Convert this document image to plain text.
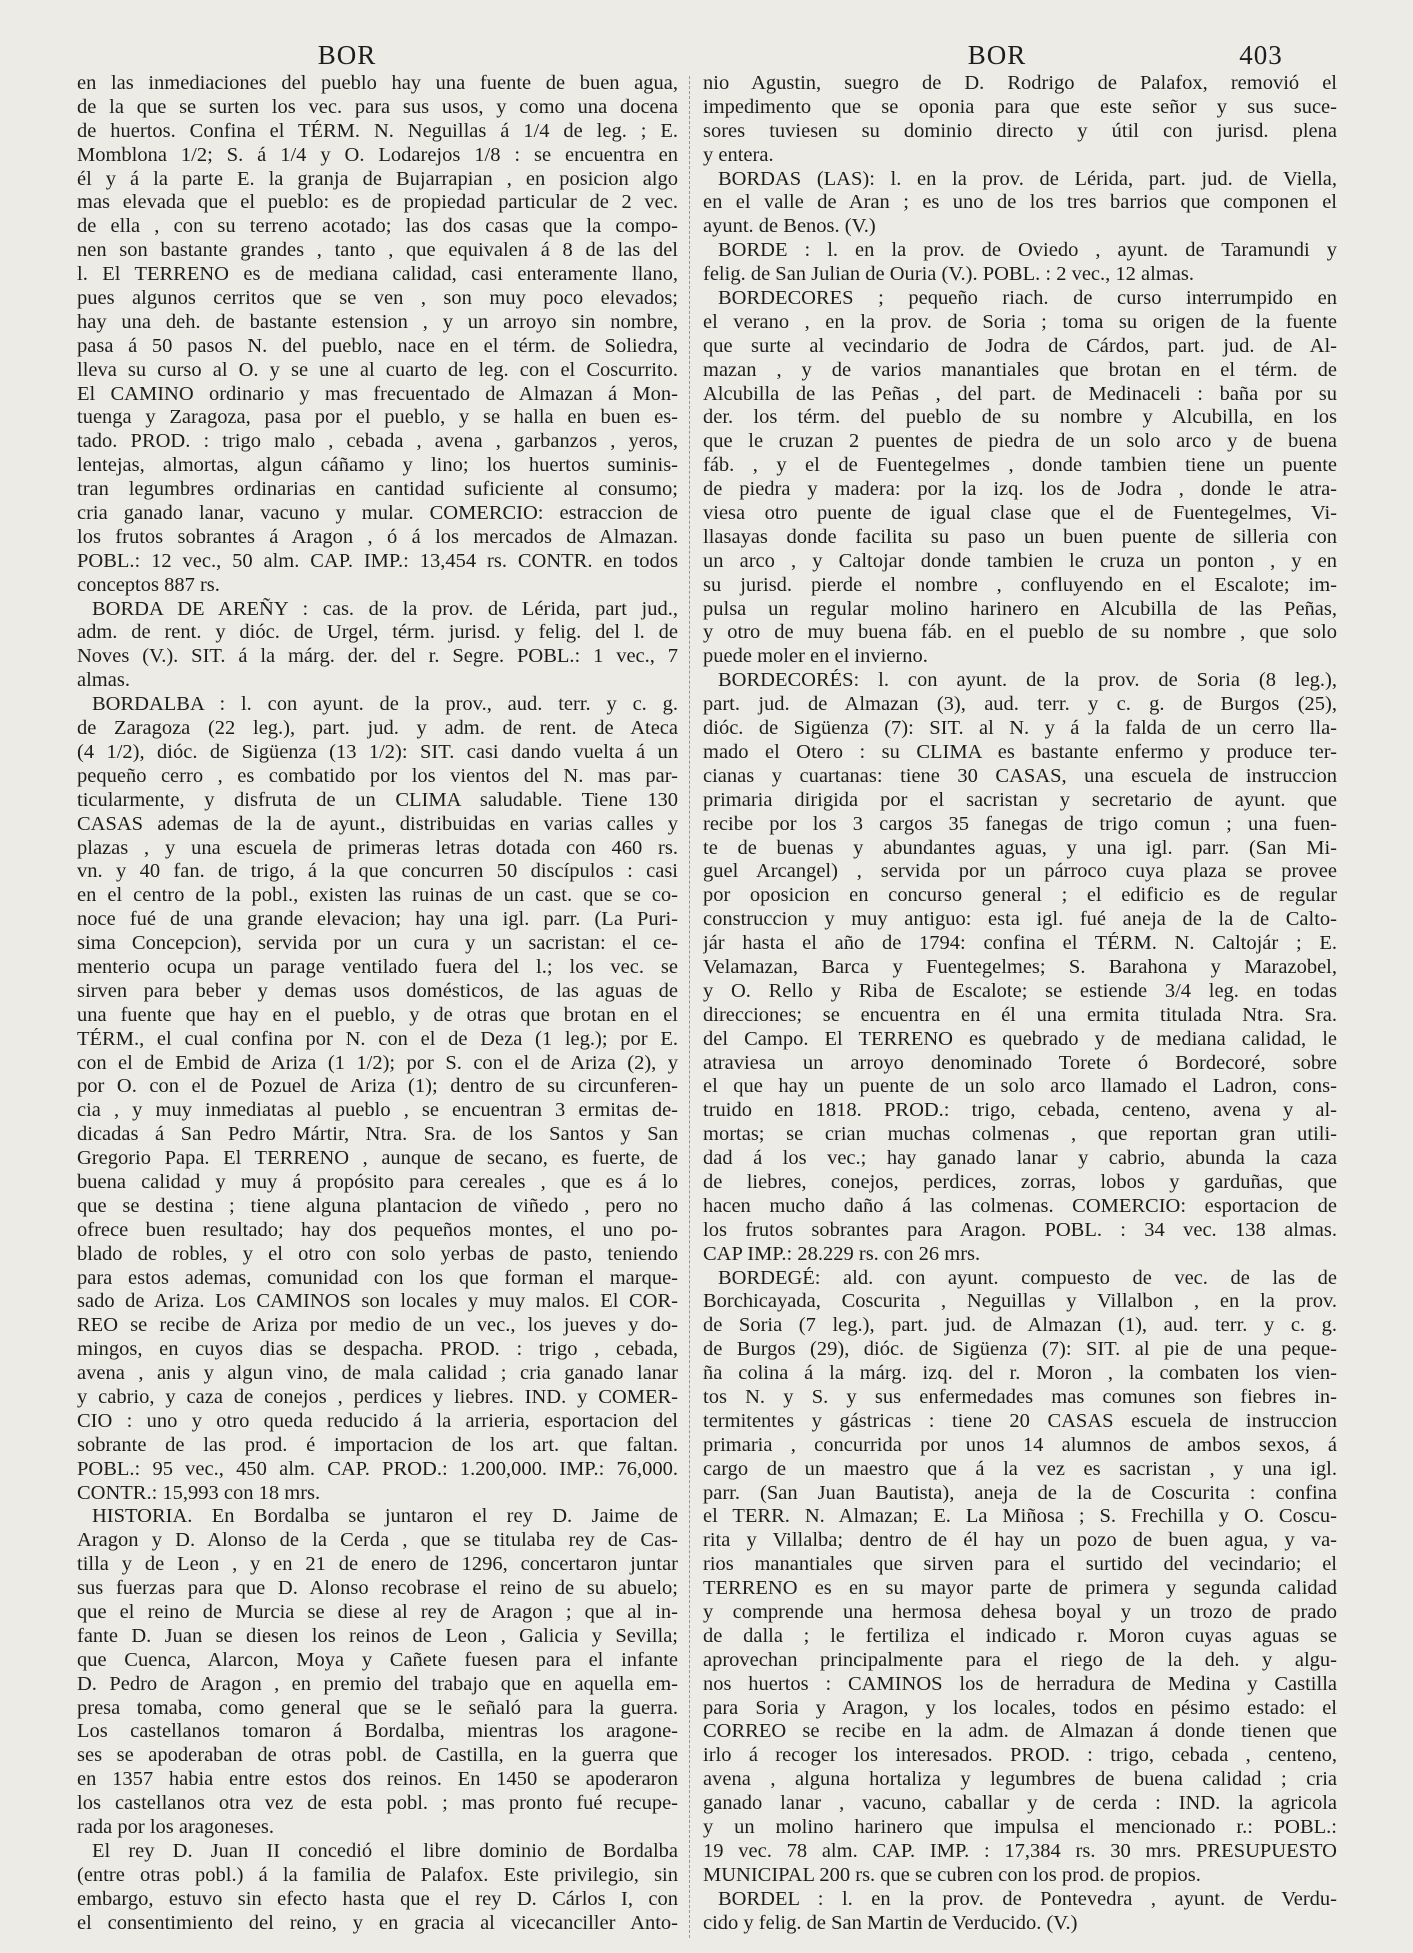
BOR	BOR	403
en las inmediaciones del pueblo hay una fuente de buen agua,
de la que se surten los vec. para sus usos, y como una docena
de huertos. Confina el TÉRM. N. Neguillas á 1/4 de leg. ; E.
Momblona 1/2; S. á 1/4 y O. Lodarejos 1/8 : se encuentra en
él y á la parte E. la granja de Bujarrapian , en posicion algo
mas elevada que el pueblo: es de propiedad particular de 2 vec.
de ella , con su terreno acotado; las dos casas que la compo-
nen son bastante grandes , tanto , que equivalen á 8 de las del
l. El TERRENO es de mediana calidad, casi enteramente llano,
pues algunos cerritos que se ven , son muy poco elevados;
hay una deh. de bastante estension , y un arroyo sin nombre,
pasa á 50 pasos N. del pueblo, nace en el térm. de Soliedra,
lleva su curso al O. y se une al cuarto de leg. con el Coscurrito.
El CAMINO ordinario y mas frecuentado de Almazan á Mon-
tuenga y Zaragoza, pasa por el pueblo, y se halla en buen es-
tado. PROD. : trigo malo , cebada , avena , garbanzos , yeros,
lentejas, almortas, algun cáñamo y lino; los huertos suminis-
tran legumbres ordinarias en cantidad suficiente al consumo;
cria ganado lanar, vacuno y mular. COMERCIO: estraccion de
los frutos sobrantes á Aragon , ó á los mercados de Almazan.
POBL.: 12 vec., 50 alm. CAP. IMP.: 13,454 rs. CONTR. en todos
conceptos 887 rs.
BORDA DE AREÑY : cas. de la prov. de Lérida, part jud.,
adm. de rent. y dióc. de Urgel, térm. jurisd. y felig. del l. de
Noves (V.). SIT. á la márg. der. del r. Segre. POBL.: 1 vec., 7
almas.
BORDALBA : l. con ayunt. de la prov., aud. terr. y c. g.
de Zaragoza (22 leg.), part. jud. y adm. de rent. de Ateca
(4 1/2), dióc. de Sigüenza (13 1/2): SIT. casi dando vuelta á un
pequeño cerro , es combatido por los vientos del N. mas par-
ticularmente, y disfruta de un CLIMA saludable. Tiene 130
CASAS ademas de la de ayunt., distribuidas en varias calles y
plazas , y una escuela de primeras letras dotada con 460 rs.
vn. y 40 fan. de trigo, á la que concurren 50 discípulos : casi
en el centro de la pobl., existen las ruinas de un cast. que se co-
noce fué de una grande elevacion; hay una igl. parr. (La Puri-
sima Concepcion), servida por un cura y un sacristan: el ce-
menterio ocupa un parage ventilado fuera del l.; los vec. se
sirven para beber y demas usos domésticos, de las aguas de
una fuente que hay en el pueblo, y de otras que brotan en el
TÉRM., el cual confina por N. con el de Deza (1 leg.); por E.
con el de Embid de Ariza (1 1/2); por S. con el de Ariza (2), y
por O. con el de Pozuel de Ariza (1); dentro de su circunferen-
cia , y muy inmediatas al pueblo , se encuentran 3 ermitas de-
dicadas á San Pedro Mártir, Ntra. Sra. de los Santos y San
Gregorio Papa. El TERRENO , aunque de secano, es fuerte, de
buena calidad y muy á propósito para cereales , que es á lo
que se destina ; tiene alguna plantacion de viñedo , pero no
ofrece buen resultado; hay dos pequeños montes, el uno po-
blado de robles, y el otro con solo yerbas de pasto, teniendo
para estos ademas, comunidad con los que forman el marque-
sado de Ariza. Los CAMINOS son locales y muy malos. El COR-
REO se recibe de Ariza por medio de un vec., los jueves y do-
mingos, en cuyos dias se despacha. PROD. : trigo , cebada,
avena , anis y algun vino, de mala calidad ; cria ganado lanar
y cabrio, y caza de conejos , perdices y liebres. IND. y COMER-
CIO : uno y otro queda reducido á la arrieria, esportacion del
sobrante de las prod. é importacion de los art. que faltan.
POBL.: 95 vec., 450 alm. CAP. PROD.: 1.200,000. IMP.: 76,000.
CONTR.: 15,993 con 18 mrs.
HISTORIA. En Bordalba se juntaron el rey D. Jaime de
Aragon y D. Alonso de la Cerda , que se titulaba rey de Cas-
tilla y de Leon , y en 21 de enero de 1296, concertaron juntar
sus fuerzas para que D. Alonso recobrase el reino de su abuelo;
que el reino de Murcia se diese al rey de Aragon ; que al in-
fante D. Juan se diesen los reinos de Leon , Galicia y Sevilla;
que Cuenca, Alarcon, Moya y Cañete fuesen para el infante
D. Pedro de Aragon , en premio del trabajo que en aquella em-
presa tomaba, como general que se le señaló para la guerra.
Los castellanos tomaron á Bordalba, mientras los aragone-
ses se apoderaban de otras pobl. de Castilla, en la guerra que
en 1357 habia entre estos dos reinos. En 1450 se apoderaron
los castellanos otra vez de esta pobl. ; mas pronto fué recupe-
rada por los aragoneses.
El rey D. Juan II concedió el libre dominio de Bordalba
(entre otras pobl.) á la familia de Palafox. Este privilegio, sin
embargo, estuvo sin efecto hasta que el rey D. Cárlos I, con
el consentimiento del reino, y en gracia al vicecanciller Anto-
nio Agustin, suegro de D. Rodrigo de Palafox, removió el
impedimento que se oponia para que este señor y sus suce-
sores tuviesen su dominio directo y útil con jurisd. plena
y entera.
BORDAS (LAS): l. en la prov. de Lérida, part. jud. de Viella,
en el valle de Aran ; es uno de los tres barrios que componen el
ayunt. de Benos. (V.)
BORDE : l. en la prov. de Oviedo , ayunt. de Taramundi y
felig. de San Julian de Ouria (V.). POBL. : 2 vec., 12 almas.
BORDECORES ; pequeño riach. de curso interrumpido en
el verano , en la prov. de Soria ; toma su origen de la fuente
que surte al vecindario de Jodra de Cárdos, part. jud. de Al-
mazan , y de varios manantiales que brotan en el térm. de
Alcubilla de las Peñas , del part. de Medinaceli : baña por su
der. los térm. del pueblo de su nombre y Alcubilla, en los
que le cruzan 2 puentes de piedra de un solo arco y de buena
fáb. , y el de Fuentegelmes , donde tambien tiene un puente
de piedra y madera: por la izq. los de Jodra , donde le atra-
viesa otro puente de igual clase que el de Fuentegelmes, Vi-
llasayas donde facilita su paso un buen puente de silleria con
un arco , y Caltojar donde tambien le cruza un ponton , y en
su jurisd. pierde el nombre , confluyendo en el Escalote; im-
pulsa un regular molino harinero en Alcubilla de las Peñas,
y otro de muy buena fáb. en el pueblo de su nombre , que solo
puede moler en el invierno.
BORDECORÉS: l. con ayunt. de la prov. de Soria (8 leg.),
part. jud. de Almazan (3), aud. terr. y c. g. de Burgos (25),
dióc. de Sigüenza (7): SIT. al N. y á la falda de un cerro lla-
mado el Otero : su CLIMA es bastante enfermo y produce ter-
cianas y cuartanas: tiene 30 CASAS, una escuela de instruccion
primaria dirigida por el sacristan y secretario de ayunt. que
recibe por los 3 cargos 35 fanegas de trigo comun ; una fuen-
te de buenas y abundantes aguas, y una igl. parr. (San Mi-
guel Arcangel) , servida por un párroco cuya plaza se provee
por oposicion en concurso general ; el edificio es de regular
construccion y muy antiguo: esta igl. fué aneja de la de Calto-
jár hasta el año de 1794: confina el TÉRM. N. Caltojár ; E.
Velamazan, Barca y Fuentegelmes; S. Barahona y Marazobel,
y O. Rello y Riba de Escalote; se estiende 3/4 leg. en todas
direcciones; se encuentra en él una ermita titulada Ntra. Sra.
del Campo. El TERRENO es quebrado y de mediana calidad, le
atraviesa un arroyo denominado Torete ó Bordecoré, sobre
el que hay un puente de un solo arco llamado el Ladron, cons-
truido en 1818. PROD.: trigo, cebada, centeno, avena y al-
mortas; se crian muchas colmenas , que reportan gran utili-
dad á los vec.; hay ganado lanar y cabrio, abunda la caza
de liebres, conejos, perdices, zorras, lobos y garduñas, que
hacen mucho daño á las colmenas. COMERCIO: esportacion de
los frutos sobrantes para Aragon. POBL. : 34 vec. 138 almas.
CAP IMP.: 28.229 rs. con 26 mrs.
BORDEGÉ: ald. con ayunt. compuesto de vec. de las de
Borchicayada, Coscurita , Neguillas y Villalbon , en la prov.
de Soria (7 leg.), part. jud. de Almazan (1), aud. terr. y c. g.
de Burgos (29), dióc. de Sigüenza (7): SIT. al pie de una peque-
ña colina á la márg. izq. del r. Moron , la combaten los vien-
tos N. y S. y sus enfermedades mas comunes son fiebres in-
termitentes y gástricas : tiene 20 CASAS escuela de instruccion
primaria , concurrida por unos 14 alumnos de ambos sexos, á
cargo de un maestro que á la vez es sacristan , y una igl.
parr. (San Juan Bautista), aneja de la de Coscurita : confina
el TERR. N. Almazan; E. La Miñosa ; S. Frechilla y O. Coscu-
rita y Villalba; dentro de él hay un pozo de buen agua, y va-
rios manantiales que sirven para el surtido del vecindario; el
TERRENO es en su mayor parte de primera y segunda calidad
y comprende una hermosa dehesa boyal y un trozo de prado
de dalla ; le fertiliza el indicado r. Moron cuyas aguas se
aprovechan principalmente para el riego de la deh. y algu-
nos huertos : CAMINOS los de herradura de Medina y Castilla
para Soria y Aragon, y los locales, todos en pésimo estado: el
CORREO se recibe en la adm. de Almazan á donde tienen que
irlo á recoger los interesados. PROD. : trigo, cebada , centeno,
avena , alguna hortaliza y legumbres de buena calidad ; cria
ganado lanar , vacuno, caballar y de cerda : IND. la agricola
y un molino harinero que impulsa el mencionado r.: POBL.:
19 vec. 78 alm. CAP. IMP. : 17,384 rs. 30 mrs. PRESUPUESTO
MUNICIPAL 200 rs. que se cubren con los prod. de propios.
BORDEL : l. en la prov. de Pontevedra , ayunt. de Verdu-
cido y felig. de San Martin de Verducido. (V.)
